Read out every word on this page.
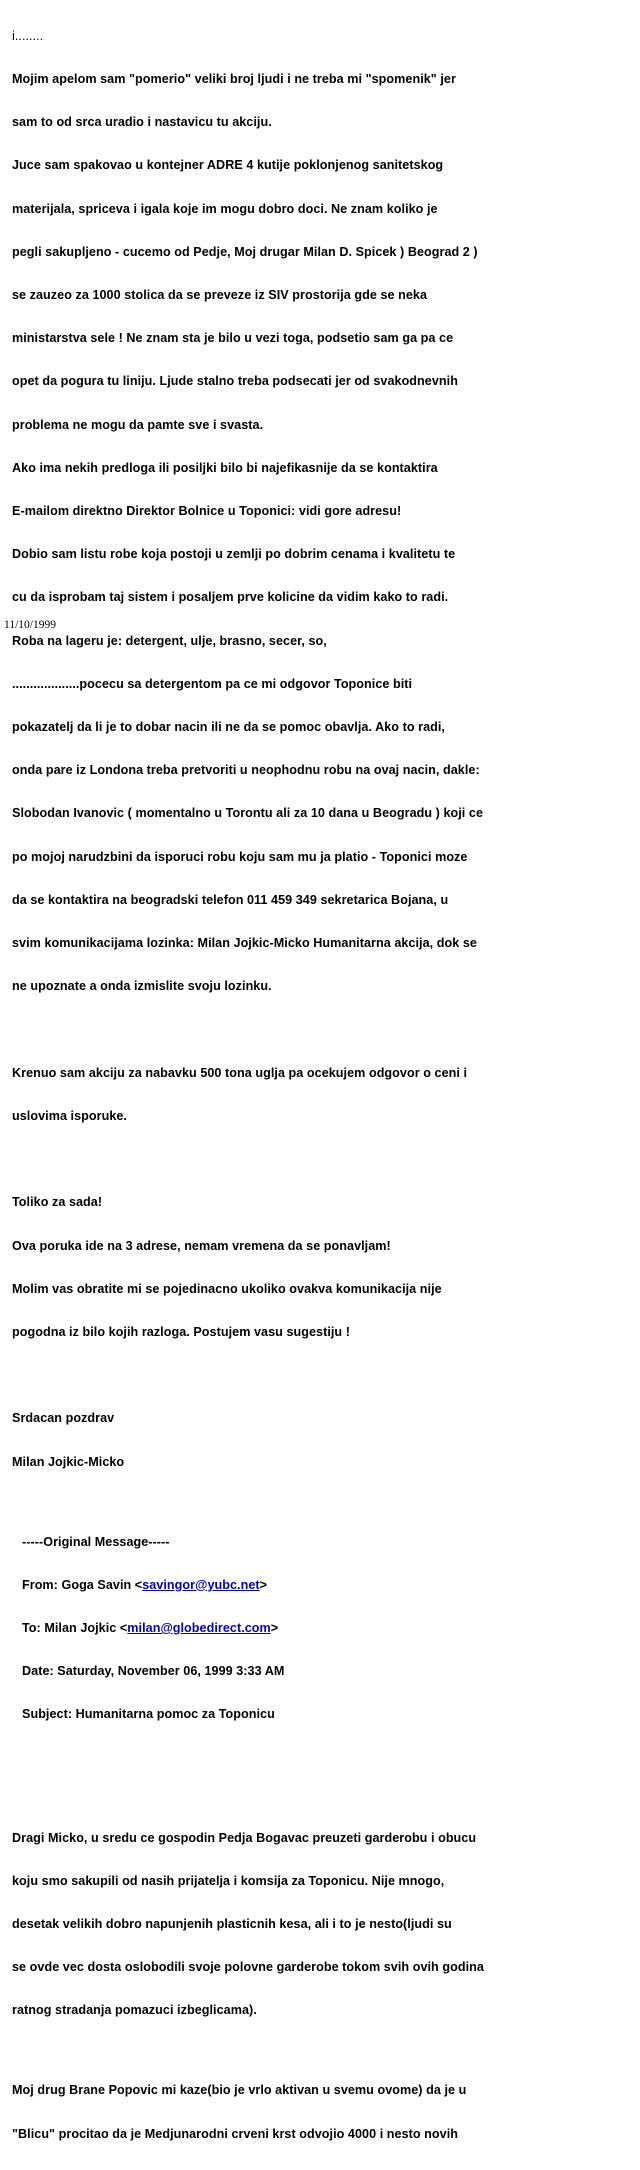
i........

Mojim apelom sam "pomerio" veliki broj ljudi i ne treba mi "spomenik" jer

sam to od srca uradio i nastavicu tu akciju.

Juce sam spakovao u kontejner ADRE 4 kutije poklonjenog sanitetskog

materijala, spriceva i igala koje im mogu dobro doci. Ne znam koliko je

pegli sakupljeno - cucemo od Pedje, Moj drugar Milan D. Spicek ) Beograd 2 )

se zauzeo za 1000 stolica da se preveze iz SIV prostorija gde se neka

ministarstva sele ! Ne znam sta je bilo u vezi toga, podsetio sam ga pa ce

opet da pogura tu liniju. Ljude stalno treba podsecati jer od svakodnevnih

problema ne mogu da pamte sve i svasta.

Ako ima nekih predloga ili posiljki bilo bi najefikasnije da se kontaktira

E-mailom direktno Direktor Bolnice u Toponici: vidi gore adresu!

Dobio sam listu robe koja postoji u zemlji po dobrim cenama i kvalitetu te

cu da isprobam taj sistem i posaljem prve kolicine da vidim kako to radi.

Roba na lageru je: detergent, ulje, brasno, secer, so,

...................pocecu sa detergentom pa ce mi odgovor Toponice biti

pokazatelj da li je to dobar nacin ili ne da se pomoc obavlja. Ako to radi,

onda pare iz Londona treba pretvoriti u neophodnu robu na ovaj nacin, dakle:

Slobodan Ivanovic ( momentalno u Torontu ali za 10 dana u Beogradu ) koji ce

po mojoj narudzbini da isporuci robu koju sam mu ja platio - Toponici moze

da se kontaktira na beogradski telefon 011 459 349 sekretarica Bojana, u

svim komunikacijama lozinka: Milan Jojkic-Micko Humanitarna akcija, dok se

ne upoznate a onda izmislite svoju lozinku.

Krenuo sam akciju za nabavku 500 tona uglja pa ocekujem odgovor o ceni i

uslovima isporuke.

Toliko za sada!

Ova poruka ide na 3 adrese, nemam vremena da se ponavljam!

Molim vas obratite mi se pojedinacno ukoliko ovakva komunikacija nije

pogodna iz bilo kojih razloga. Postujem vasu sugestiju !

Srdacan pozdrav

Milan Jojkic-Micko

-----Original Message-----

From: Goga Savin <savingor@yubc.net>

To: Milan Jojkic <milan@globedirect.com>

Date: Saturday, November 06, 1999 3:33 AM

Subject: Humanitarna pomoc za Toponicu

Dragi Micko, u sredu ce gospodin Pedja Bogavac preuzeti garderobu i obucu

koju smo sakupili od nasih prijatelja i komsija za Toponicu. Nije mnogo,

desetak velikih dobro napunjenih plasticnih kesa, ali i to je nesto(ljudi su

se ovde vec dosta oslobodili svoje polovne garderobe tokom svih ovih godina

ratnog stradanja pomazuci izbeglicama).

Moj drug Brane Popovic mi kaze(bio je vrlo aktivan u svemu ovome) da je u

"Blicu" procitao da je Medjunarodni crveni krst odvojio 4000 i nesto novih

11/10/1999
